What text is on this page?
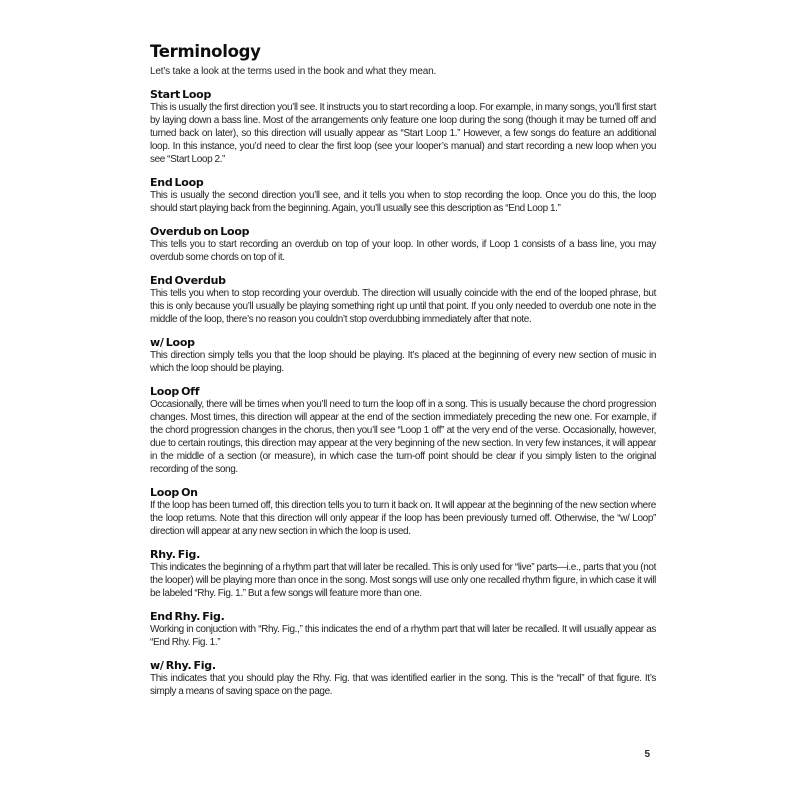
Terminology

Let’s take a look at the terms used in the book and what they mean.

Start Loop

This is usually the first direction you’ll see. It instructs you to start recording a loop. For example, in many songs, you’ll first start by laying down a bass line. Most of the arrangements only feature one loop during the song (though it may be turned off and turned back on later), so this direction will usually appear as “Start Loop 1.” However, a few songs do feature an additional loop. In this instance, you’d need to clear the first loop (see your looper’s manual) and start recording a new loop when you see “Start Loop 2.”

End Loop

This is usually the second direction you’ll see, and it tells you when to stop recording the loop. Once you do this, the loop should start playing back from the beginning. Again, you’ll usually see this description as “End Loop 1.”

Overdub on Loop

This tells you to start recording an overdub on top of your loop. In other words, if Loop 1 consists of a bass line, you may overdub some chords on top of it.

End Overdub

This tells you when to stop recording your overdub. The direction will usually coincide with the end of the looped phrase, but this is only because you’ll usually be playing something right up until that point. If you only needed to overdub one note in the middle of the loop, there’s no reason you couldn’t stop overdubbing immediately after that note.

w/ Loop

This direction simply tells you that the loop should be playing. It’s placed at the beginning of every new section of music in which the loop should be playing.

Loop Off

Occasionally, there will be times when you’ll need to turn the loop off in a song. This is usually because the chord progression changes. Most times, this direction will appear at the end of the section immediately preceding the new one. For example, if the chord progression changes in the chorus, then you’ll see “Loop 1 off” at the very end of the verse. Occasionally, however, due to certain routings, this direction may appear at the very beginning of the new section. In very few instances, it will appear in the middle of a section (or measure), in which case the turn-off point should be clear if you simply listen to the original recording of the song.

Loop On

If the loop has been turned off, this direction tells you to turn it back on. It will appear at the beginning of the new section where the loop returns. Note that this direction will only appear if the loop has been previously turned off. Otherwise, the “w/ Loop” direction will appear at any new section in which the loop is used.

Rhy. Fig.

This indicates the beginning of a rhythm part that will later be recalled. This is only used for “live” parts—i.e., parts that you (not the looper) will be playing more than once in the song. Most songs will use only one recalled rhythm figure, in which case it will be labeled “Rhy. Fig. 1.” But a few songs will feature more than one.

End Rhy. Fig.

Working in conjuction with “Rhy. Fig.,” this indicates the end of a rhythm part that will later be recalled. It will usually appear as “End Rhy. Fig. 1.”

w/ Rhy. Fig.

This indicates that you should play the Rhy. Fig. that was identified earlier in the song. This is the “recall” of that figure. It’s simply a means of saving space on the page.

5
